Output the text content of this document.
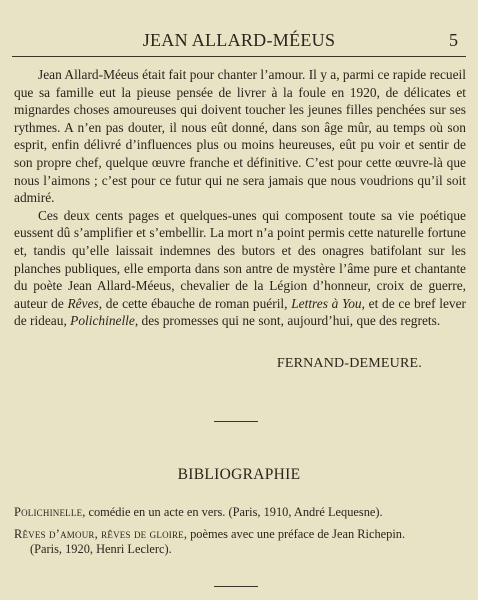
JEAN ALLARD-MÉEUS	5

Jean Allard-Méeus était fait pour chanter l’amour. Il y a, parmi ce rapide recueil que sa famille eut la pieuse pensée de livrer à la foule en 1920, de délicates et mignardes choses amoureuses qui doivent toucher les jeunes filles penchées sur ses rythmes. A n’en pas douter, il nous eût donné, dans son âge mûr, au temps où son esprit, enfin délivré d’influences plus ou moins heureuses, eût pu voir et sentir de son propre chef, quelque œuvre franche et définitive. C’est pour cette œuvre-là que nous l’aimons ; c’est pour ce futur qui ne sera jamais que nous voudrions qu’il soit admiré.

Ces deux cents pages et quelques-unes qui composent toute sa vie poétique eussent dû s’amplifier et s’embellir. La mort n’a point permis cette naturelle fortune et, tandis qu’elle laissait indemnes des butors et des onagres batifolant sur les planches publiques, elle emporta dans son antre de mystère l’âme pure et chantante du poète Jean Allard-Méeus, chevalier de la Légion d’honneur, croix de guerre, auteur de Rêves, de cette ébauche de roman puéril, Lettres à You, et de ce bref lever de rideau, Polichinelle, des promesses qui ne sont, aujourd’hui, que des regrets.

FERNAND-DEMEURE.
BIBLIOGRAPHIE
Polichinelle, comédie en un acte en vers. (Paris, 1910, André Lequesne).
Rêves d’amour, rêves de gloire, poèmes avec une préface de Jean Richepin.
(Paris, 1920, Henri Leclerc).
